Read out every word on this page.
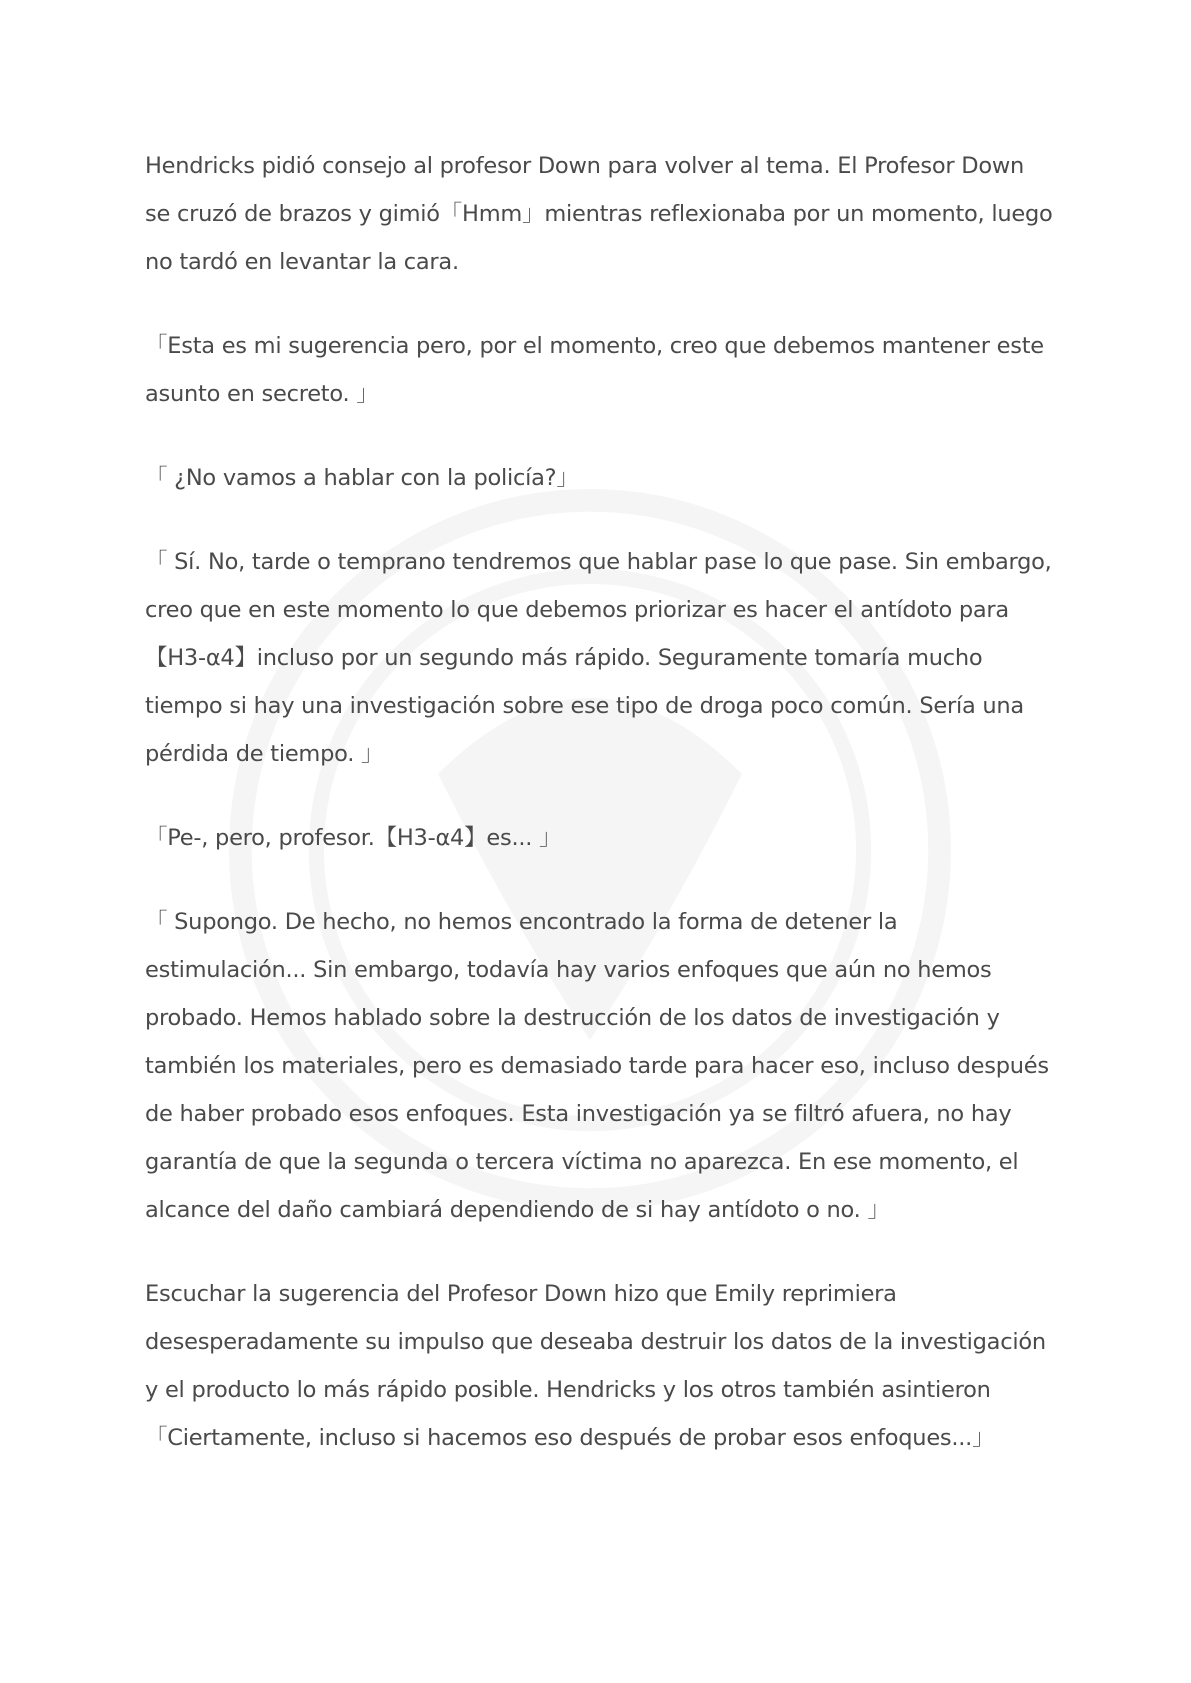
Hendricks pidió consejo al profesor Down para volver al tema. El Profesor Down se cruzó de brazos y gimió「Hmm」mientras reflexionaba por un momento, luego no tardó en levantar la cara.

「Esta es mi sugerencia pero, por el momento, creo que debemos mantener este asunto en secreto. 」

「 ¿No vamos a hablar con la policía?」

「 Sí. No, tarde o temprano tendremos que hablar pase lo que pase. Sin embargo, creo que en este momento lo que debemos priorizar es hacer el antídoto para【H3-α4】incluso por un segundo más rápido. Seguramente tomaría mucho tiempo si hay una investigación sobre ese tipo de droga poco común. Sería una pérdida de tiempo. 」

「Pe-, pero, profesor.【H3-α4】es... 」

「 Supongo. De hecho, no hemos encontrado la forma de detener la estimulación... Sin embargo, todavía hay varios enfoques que aún no hemos probado. Hemos hablado sobre la destrucción de los datos de investigación y también los materiales, pero es demasiado tarde para hacer eso, incluso después de haber probado esos enfoques. Esta investigación ya se filtró afuera, no hay garantía de que la segunda o tercera víctima no aparezca. En ese momento, el alcance del daño cambiará dependiendo de si hay antídoto o no. 」

Escuchar la sugerencia del Profesor Down hizo que Emily reprimiera desesperadamente su impulso que deseaba destruir los datos de la investigación y el producto lo más rápido posible. Hendricks y los otros también asintieron「Ciertamente, incluso si hacemos eso después de probar esos enfoques...」
